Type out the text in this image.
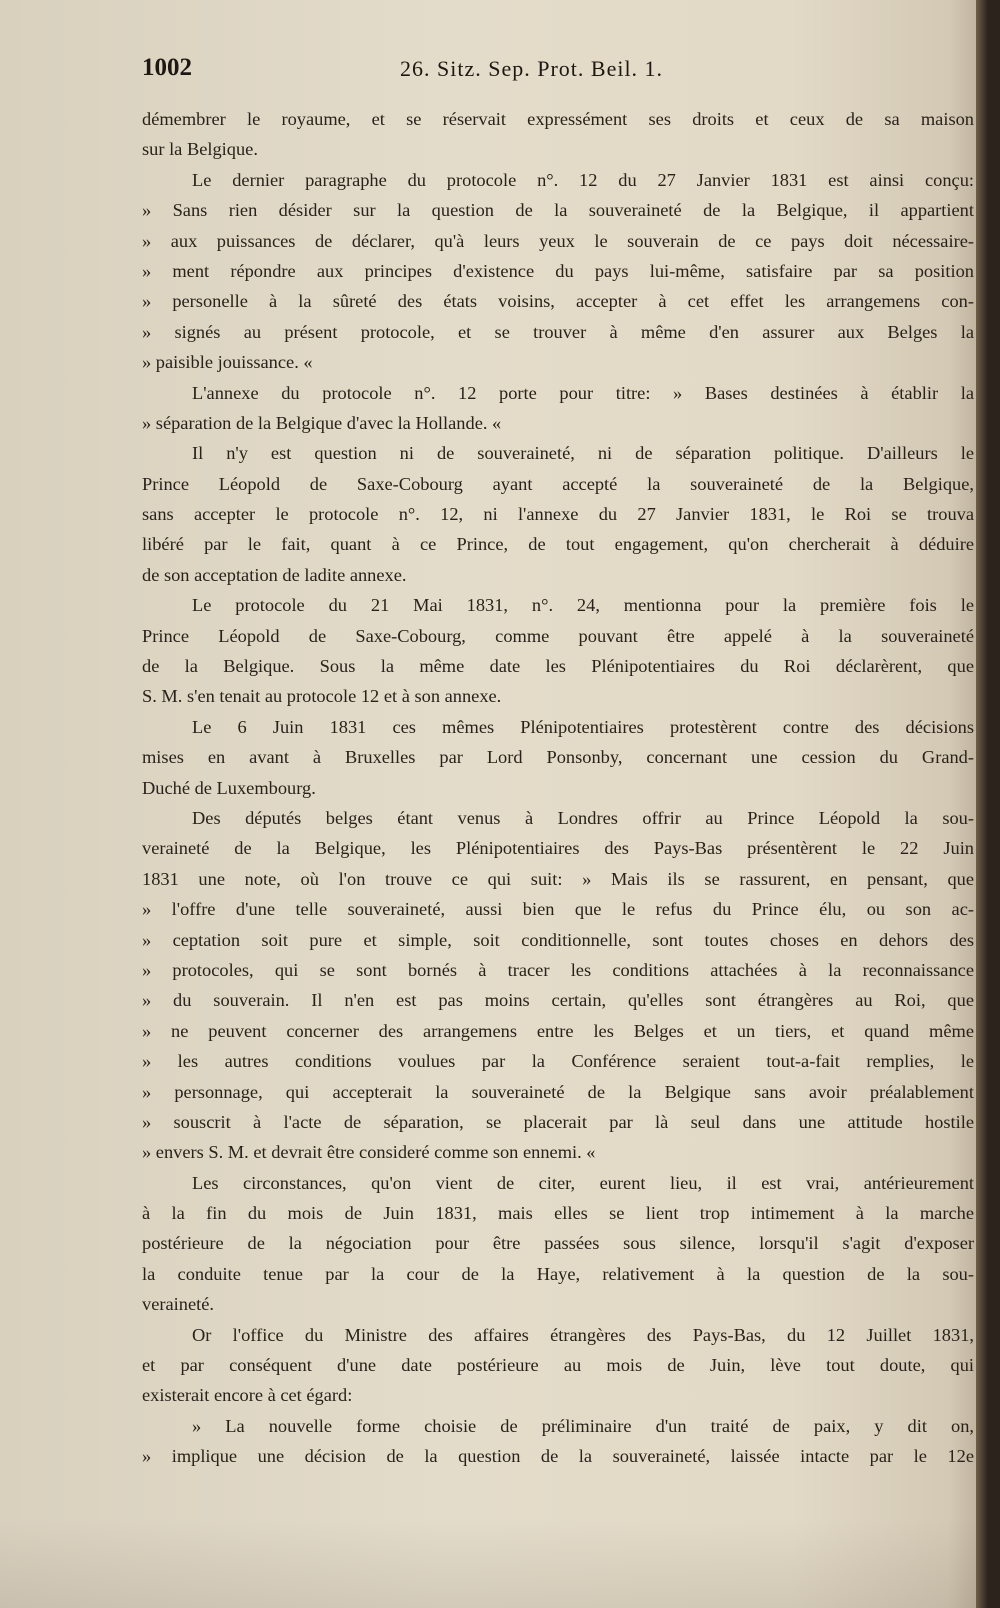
1002	26. Sitz. Sep. Prot. Beil. 1.
démembrer le royaume, et se réservait expressément ses droits et ceux de sa maison
sur la Belgique.
Le dernier paragraphe du protocole n°. 12 du 27 Janvier 1831 est ainsi conçu:
» Sans rien désider sur la question de la souveraineté de la Belgique, il appartient
» aux puissances de déclarer, qu'à leurs yeux le souverain de ce pays doit nécessaire-
» ment répondre aux principes d'existence du pays lui-même, satisfaire par sa position
» personelle à la sûreté des états voisins, accepter à cet effet les arrangemens con-
» signés au présent protocole, et se trouver à même d'en assurer aux Belges la
» paisible jouissance. «
L'annexe du protocole n°. 12 porte pour titre: » Bases destinées à établir la
» séparation de la Belgique d'avec la Hollande. «
Il n'y est question ni de souveraineté, ni de séparation politique. D'ailleurs le
Prince Léopold de Saxe-Cobourg ayant accepté la souveraineté de la Belgique,
sans accepter le protocole n°. 12, ni l'annexe du 27 Janvier 1831, le Roi se trouva
libéré par le fait, quant à ce Prince, de tout engagement, qu'on chercherait à déduire
de son acceptation de ladite annexe.
Le protocole du 21 Mai 1831, n°. 24, mentionna pour la première fois le
Prince Léopold de Saxe-Cobourg, comme pouvant être appelé à la souveraineté
de la Belgique. Sous la même date les Plénipotentiaires du Roi déclarèrent, que
S. M. s'en tenait au protocole 12 et à son annexe.
Le 6 Juin 1831 ces mêmes Plénipotentiaires protestèrent contre des décisions
mises en avant à Bruxelles par Lord Ponsonby, concernant une cession du Grand-
Duché de Luxembourg.
Des députés belges étant venus à Londres offrir au Prince Léopold la sou-
veraineté de la Belgique, les Plénipotentiaires des Pays-Bas présentèrent le 22 Juin
1831 une note, où l'on trouve ce qui suit: » Mais ils se rassurent, en pensant, que
» l'offre d'une telle souveraineté, aussi bien que le refus du Prince élu, ou son ac-
» ceptation soit pure et simple, soit conditionnelle, sont toutes choses en dehors des
» protocoles, qui se sont bornés à tracer les conditions attachées à la reconnaissance
» du souverain. Il n'en est pas moins certain, qu'elles sont étrangères au Roi, que
» ne peuvent concerner des arrangemens entre les Belges et un tiers, et quand même
» les autres conditions voulues par la Conférence seraient tout-a-fait remplies, le
» personnage, qui accepterait la souveraineté de la Belgique sans avoir préalablement
» souscrit à l'acte de séparation, se placerait par là seul dans une attitude hostile
» envers S. M. et devrait être consideré comme son ennemi. «
Les circonstances, qu'on vient de citer, eurent lieu, il est vrai, antérieurement
à la fin du mois de Juin 1831, mais elles se lient trop intimement à la marche
postérieure de la négociation pour être passées sous silence, lorsqu'il s'agit d'exposer
la conduite tenue par la cour de la Haye, relativement à la question de la sou-
veraineté.
Or l'office du Ministre des affaires étrangères des Pays-Bas, du 12 Juillet 1831,
et par conséquent d'une date postérieure au mois de Juin, lève tout doute, qui
existerait encore à cet égard:
» La nouvelle forme choisie de préliminaire d'un traité de paix, y dit on,
» implique une décision de la question de la souveraineté, laissée intacte par le 12e
